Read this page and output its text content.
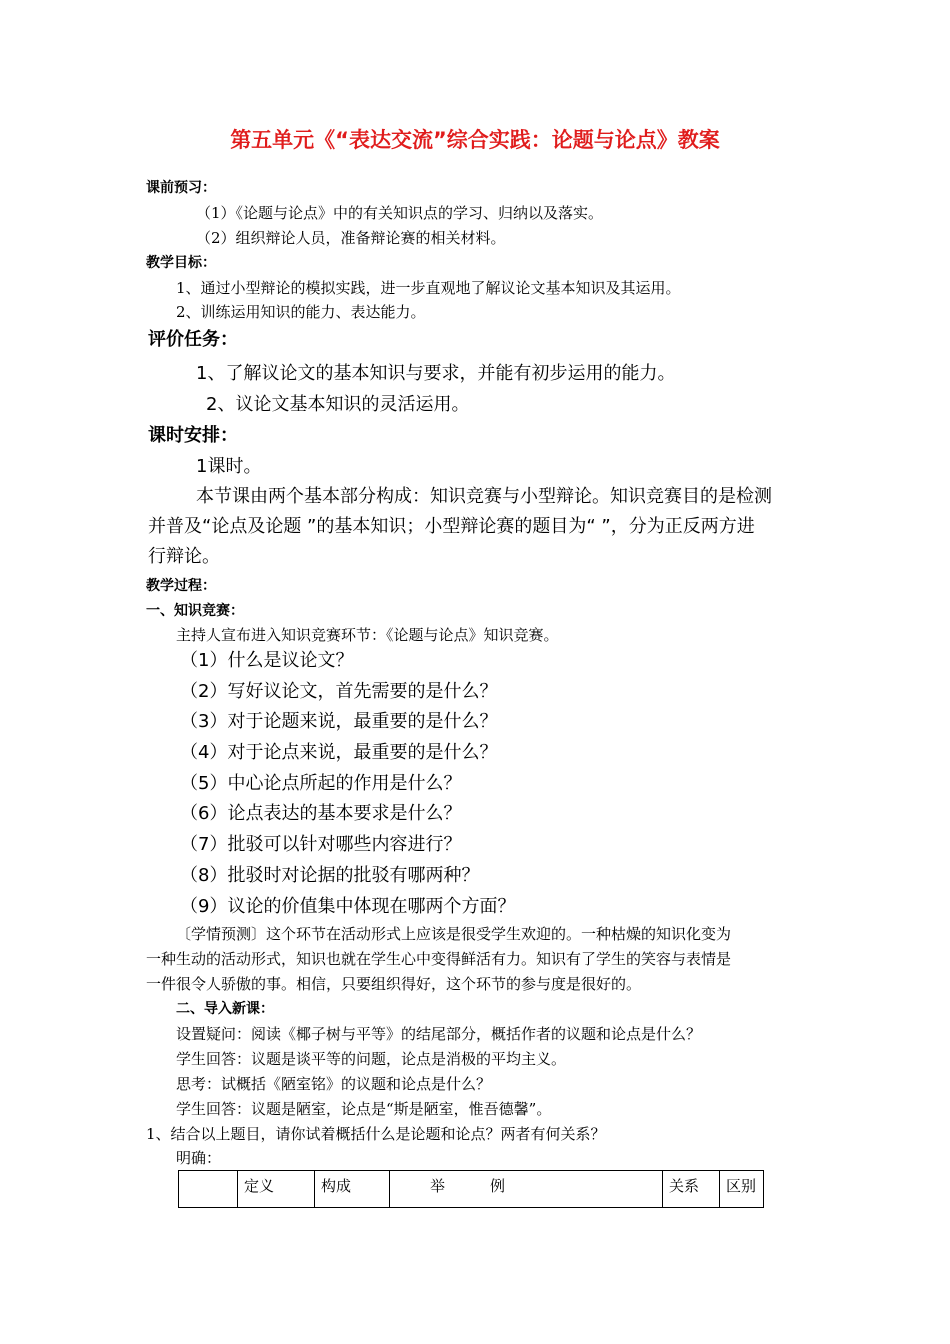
第五单元《“表达交流”综合实践：论题与论点》教案
课前预习：
（1）《论题与论点》中的有关知识点的学习、归纳以及落实。
（2）组织辩论人员，准备辩论赛的相关材料。
教学目标：
1、通过小型辩论的模拟实践，进一步直观地了解议论文基本知识及其运用。
2、训练运用知识的能力、表达能力。
评价任务：
1、了解议论文的基本知识与要求，并能有初步运用的能力。
2、议论文基本知识的灵活运用。
课时安排：
1课时。
本节课由两个基本部分构成：知识竞赛与小型辩论。知识竞赛目的是检测
并普及“论点及论题 ”的基本知识；小型辩论赛的题目为“ ”，分为正反两方进
行辩论。
教学过程：
一、知识竞赛：
主持人宣布进入知识竞赛环节：《论题与论点》知识竞赛。
（1）什么是议论文？
（2）写好议论文，首先需要的是什么？
（3）对于论题来说，最重要的是什么？
（4）对于论点来说，最重要的是什么？
（5）中心论点所起的作用是什么？
（6）论点表达的基本要求是什么？
（7）批驳可以针对哪些内容进行？
（8）批驳时对论据的批驳有哪两种？
（9）议论的价值集中体现在哪两个方面？
〔学情预测〕这个环节在活动形式上应该是很受学生欢迎的。一种枯燥的知识化变为
一种生动的活动形式，知识也就在学生心中变得鲜活有力。知识有了学生的笑容与表情是
一件很令人骄傲的事。相信，只要组织得好，这个环节的参与度是很好的。
二、导入新课：
设置疑问：阅读《椰子树与平等》的结尾部分，概括作者的议题和论点是什么？
学生回答：议题是谈平等的问题，论点是消极的平均主义。
思考：试概括《陋室铭》的议题和论点是什么？
学生回答：议题是陋室，论点是“斯是陋室，惟吾德馨”。
1、结合以上题目，请你试着概括什么是论题和论点？两者有何关系？
明确：
	定义	构成	举　　　例	关系	区别
